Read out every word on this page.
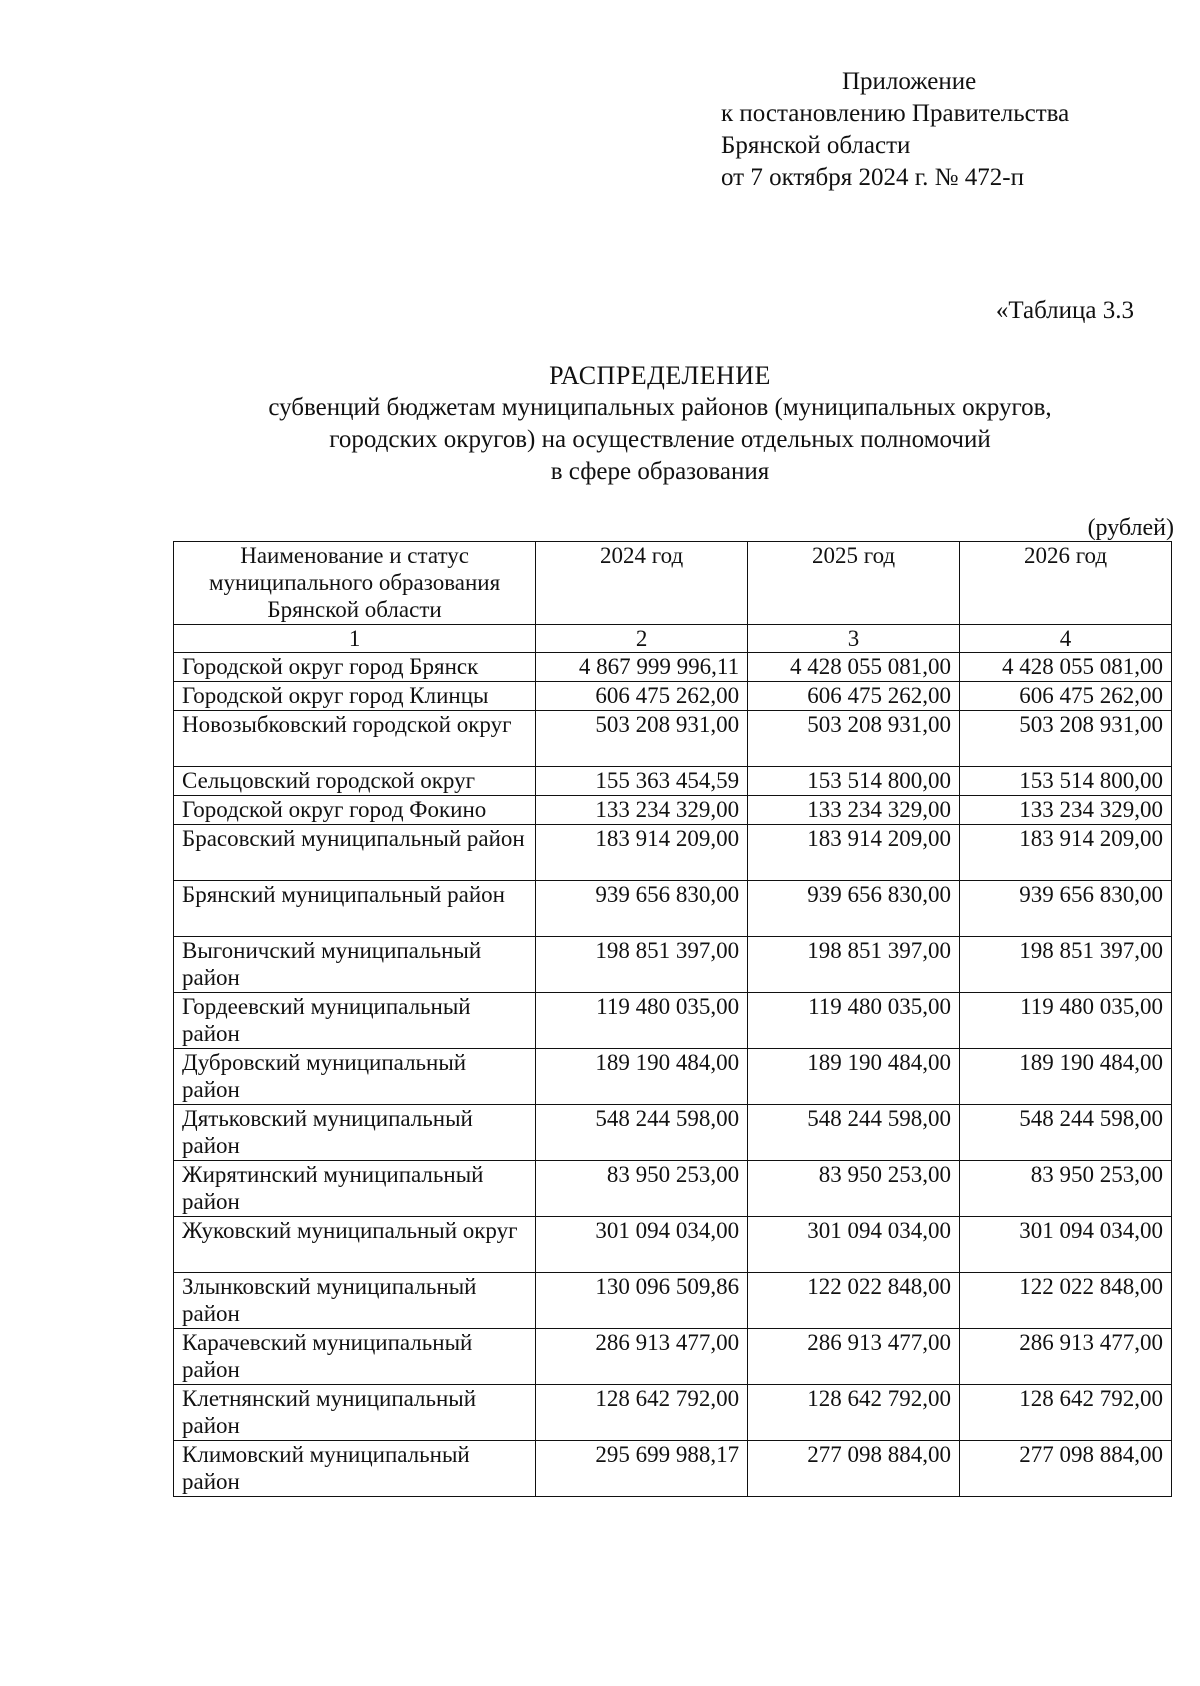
Приложение
к постановлению Правительства
Брянской области
от 7 октября 2024 г. № 472-п
«Таблица 3.3
РАСПРЕДЕЛЕНИЕ
субвенций бюджетам муниципальных районов (муниципальных округов,
городских округов) на осуществление отдельных полномочий
в сфере образования
(рублей)
Наименование и статус муниципального образования Брянской области	2024 год	2025 год	2026 год
1	2	3	4
Городской округ город Брянск	4 867 999 996,11	4 428 055 081,00	4 428 055 081,00
Городской округ город Клинцы	606 475 262,00	606 475 262,00	606 475 262,00
Новозыбковский городской округ	503 208 931,00	503 208 931,00	503 208 931,00
Сельцовский городской округ	155 363 454,59	153 514 800,00	153 514 800,00
Городской округ город Фокино	133 234 329,00	133 234 329,00	133 234 329,00
Брасовский муниципальный район	183 914 209,00	183 914 209,00	183 914 209,00
Брянский муниципальный район	939 656 830,00	939 656 830,00	939 656 830,00
Выгоничский муниципальный район	198 851 397,00	198 851 397,00	198 851 397,00
Гордеевский муниципальный район	119 480 035,00	119 480 035,00	119 480 035,00
Дубровский муниципальный район	189 190 484,00	189 190 484,00	189 190 484,00
Дятьковский муниципальный район	548 244 598,00	548 244 598,00	548 244 598,00
Жирятинский муниципальный район	83 950 253,00	83 950 253,00	83 950 253,00
Жуковский муниципальный округ	301 094 034,00	301 094 034,00	301 094 034,00
Злынковский муниципальный район	130 096 509,86	122 022 848,00	122 022 848,00
Карачевский муниципальный район	286 913 477,00	286 913 477,00	286 913 477,00
Клетнянский муниципальный район	128 642 792,00	128 642 792,00	128 642 792,00
Климовский муниципальный район	295 699 988,17	277 098 884,00	277 098 884,00
